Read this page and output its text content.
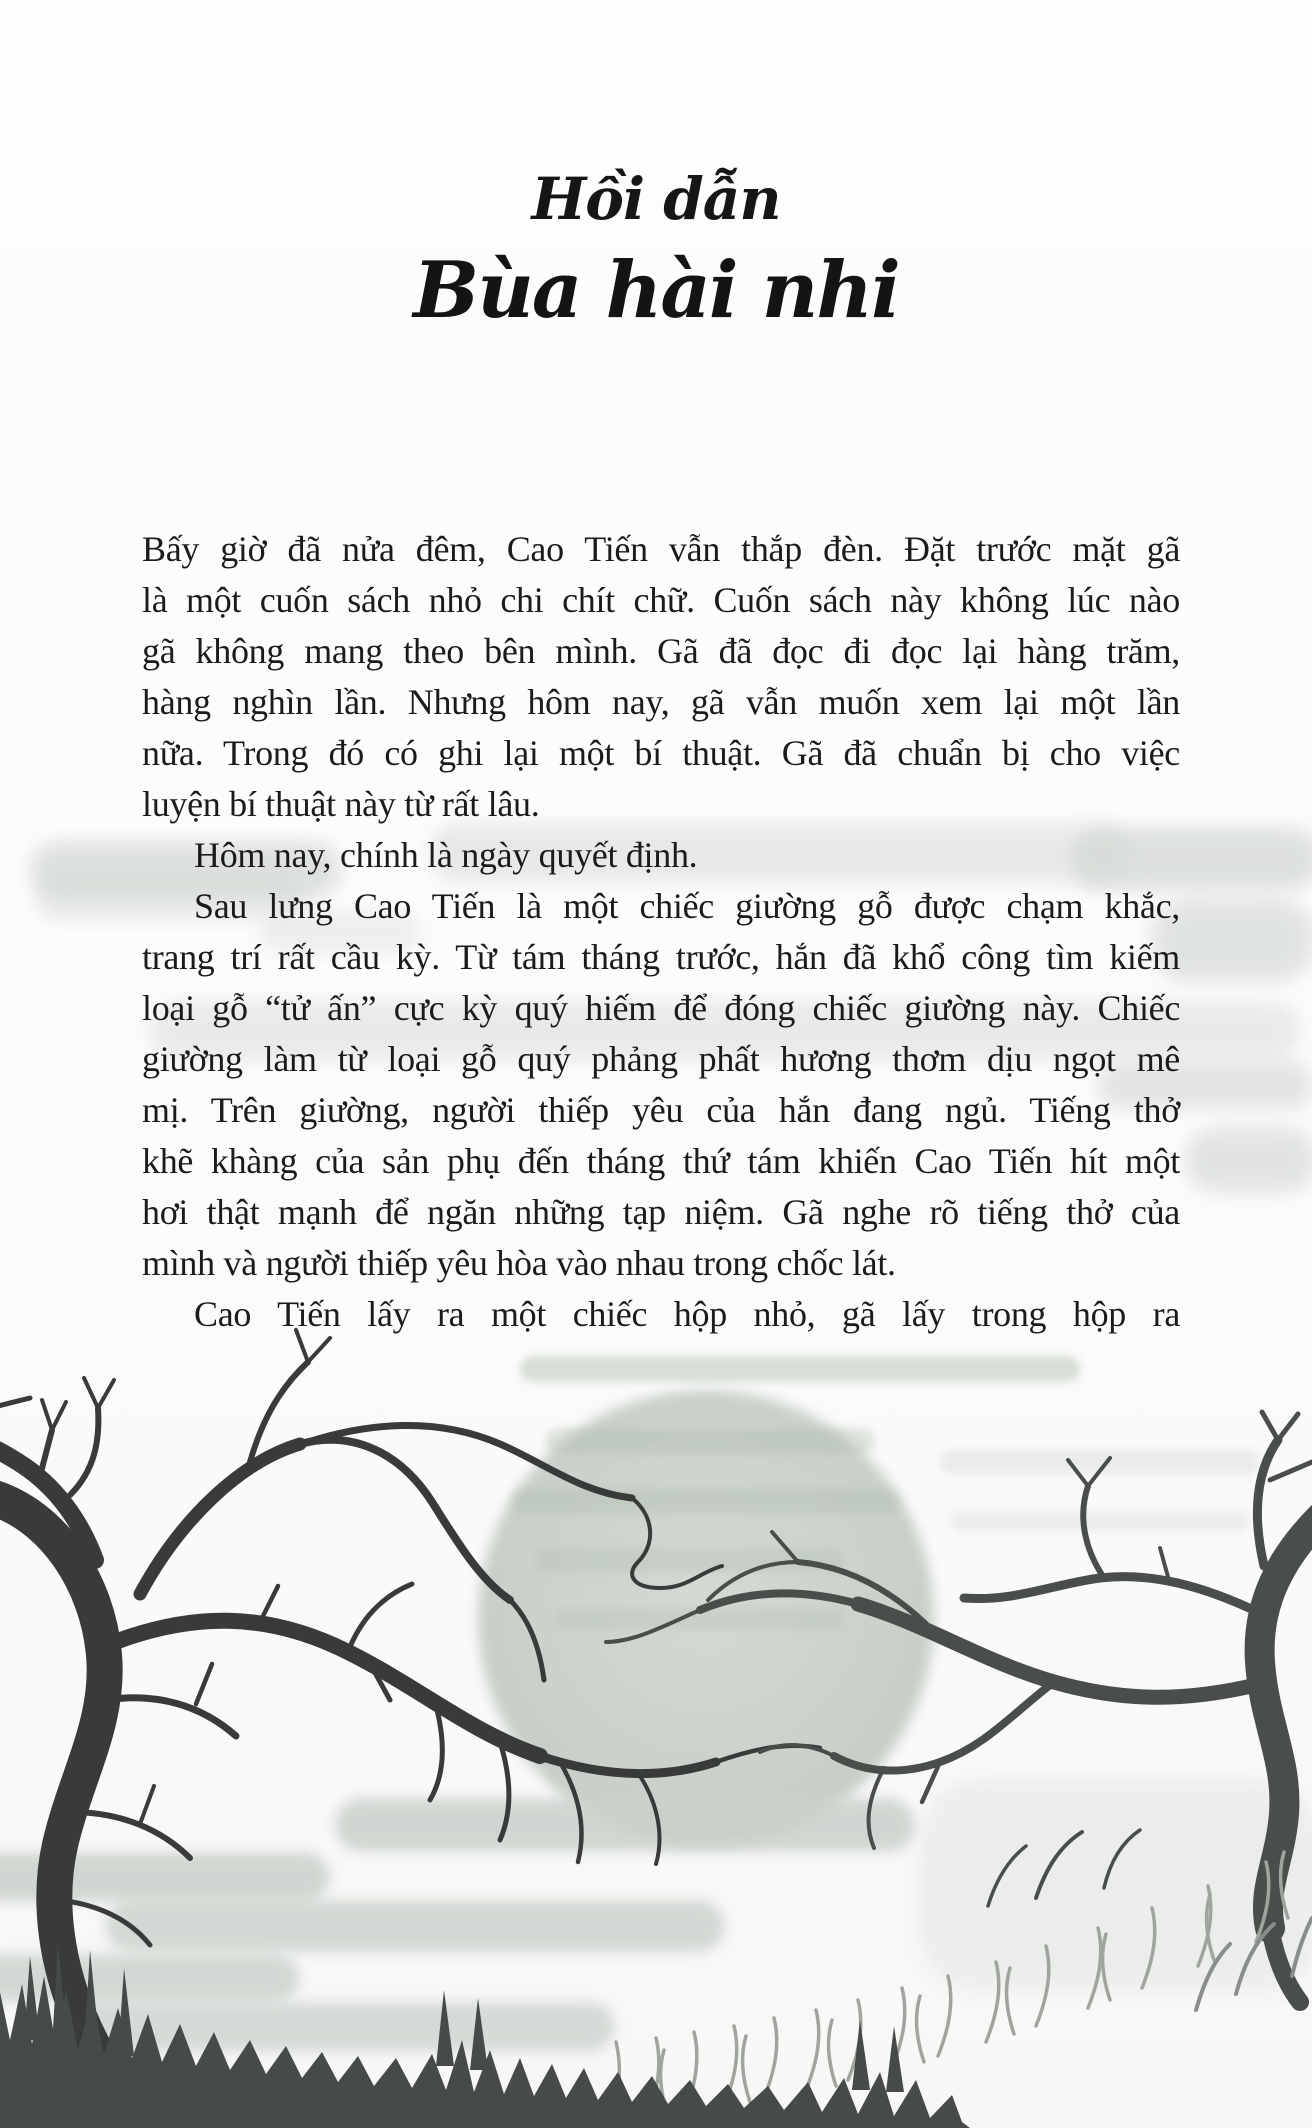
Hồi dẫn
Bùa hài nhi
Bấy giờ đã nửa đêm, Cao Tiến vẫn thắp đèn. Đặt trước mặt gã
là một cuốn sách nhỏ chi chít chữ. Cuốn sách này không lúc nào
gã không mang theo bên mình. Gã đã đọc đi đọc lại hàng trăm,
hàng nghìn lần. Nhưng hôm nay, gã vẫn muốn xem lại một lần
nữa. Trong đó có ghi lại một bí thuật. Gã đã chuẩn bị cho việc
luyện bí thuật này từ rất lâu.
Hôm nay, chính là ngày quyết định.
Sau lưng Cao Tiến là một chiếc giường gỗ được chạm khắc,
trang trí rất cầu kỳ. Từ tám tháng trước, hắn đã khổ công tìm kiếm
loại gỗ “tử ấn” cực kỳ quý hiếm để đóng chiếc giường này. Chiếc
giường làm từ loại gỗ quý phảng phất hương thơm dịu ngọt mê
mị. Trên giường, người thiếp yêu của hắn đang ngủ. Tiếng thở
khẽ khàng của sản phụ đến tháng thứ tám khiến Cao Tiến hít một
hơi thật mạnh để ngăn những tạp niệm. Gã nghe rõ tiếng thở của
mình và người thiếp yêu hòa vào nhau trong chốc lát.
Cao Tiến lấy ra một chiếc hộp nhỏ, gã lấy trong hộp ra
